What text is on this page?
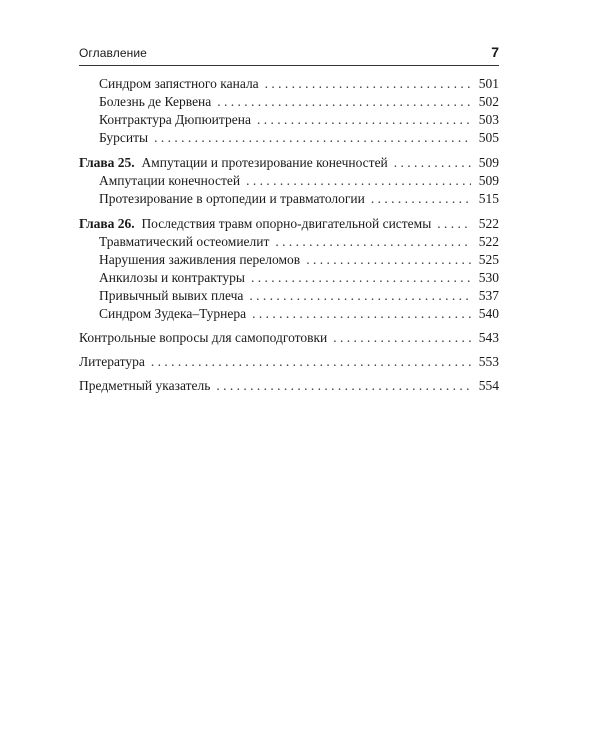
Оглавление	7
Синдром запястного канала . . .	501
Болезнь де Кервена . . .	502
Контрактура Дюпюитрена . . .	503
Бурситы . . .	505
Глава 25. Ампутации и протезирование конечностей . . .	509
Ампутации конечностей . . .	509
Протезирование в ортопедии и травматологии . . .	515
Глава 26. Последствия травм опорно-двигательной системы . . .	522
Травматический остеомиелит . . .	522
Нарушения заживления переломов . . .	525
Анкилозы и контрактуры . . .	530
Привычный вывих плеча . . .	537
Синдром Зудека–Турнера . . .	540
Контрольные вопросы для самоподготовки . . .	543
Литература . . .	553
Предметный указатель . . .	554
